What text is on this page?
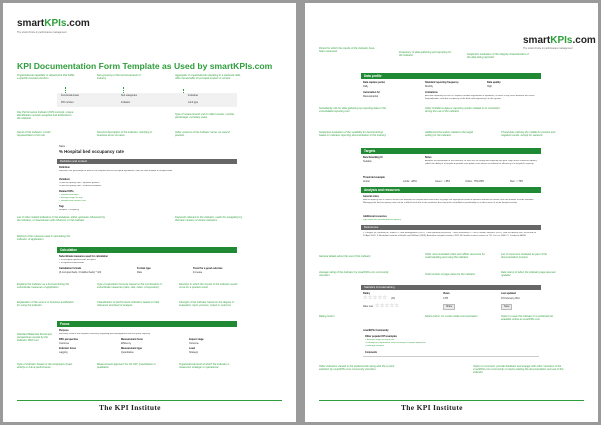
smartKPIs.com
The smart choice in performance management
KPI Documentation Form Template as Used by smartKPIs.com
Organizational capability or department that fulfills a specific business function
Sub-grouping of the functional level of industry
Aggregate of organizational operating in a particular field, often named after its principal product or service
Functional Areas	Sub categories	Industries
KPI number	Indicator	Limit type
Key Performance Indicator (KPI) concept, unique identification number assigned and attributed to the indicator
Type of measurement unit to reflect results: number, percentage, monetary value
Name of the indicator: a brief representation of its role
Succinct description of the indicator, clarifying in business terms its value
Other versions of the indicator name, as used in practice
Name
% Hospital bed occupancy rate
Definition and context
Definition
Measures the percentage of beds in the hospital that are occupied by patients, from the total number of hospital beds.
Variations
% Bed occupancy rate - Inpatient patients
% Bed occupancy rate - In-distress patients
Related KPIs
# Hospital bed days
# Average length of stay
# Hospital bed turnover rate
Tags
Hospital, Occupancy
List of other related indicators in the database, either upstream influenced by the indicator, or downstream with influence on the indicator
Keywords relevant to the indicator, useful for navigating by thematic clusters of similar indicators
Method of the measure used in calculating the indicator, of application
Calculation
Subordinate measures used for calculation
# of occupied inpatient beds occupied
# of inpatient staffed beds
Calculation formula
(# occupied beds / # staffed beds) * 100
Format type
Rate
Trend for a good outcome
Increase
Explains the indicator as a formula linking the subordinate measures of application
Type of calculation formula, based on the combination of subordinate measures (ratio, rate, index, composition)
Direction in which the results of the indicator would move for a positive result
Explanation of the source or business justification for using the indicator
Classification of performance indicators based on their relevance and level of analysis
Strength of the indicator based on the degree of evaluation: input, process, output or outcome
Focus
Purpose
Efficiency, reflects the hospital's efficiency regarding bed management and the space capacity.
BSC perspective
Customer
Measurement focus
Efficiency
Impact stage
Outcome
Indicator focus
Lagging
Measurement type
Quantitative
Level
Strategic
Standard Balanced Scorecard perspectives served by the indicator: BSC tool
Type of indicator based on the employed of past activity or future performance
Measurement approach for the KPI: Quantitative or qualitative
Organizational level at which the indicator is measured: strategic or operational
The KPI Institute
smartKPIs.com
The smart choice in performance management
Period for which the results of the indicator have been measured	Frequency of data gathering and reporting for the indicator	Subjective evaluation of the integrity characteristics of the data being reported
Data profile
Data capture period
Daily
Standard reporting frequency
Monthly
Data quality
High
Automation lvl
Manual/partial
Limitations
Accurate reporting for this KPI requires reliable registration of inpatients, so there is key focus between the actual hospitalization; view the occupancy of the beds and registering it in the system.
Subsidiarity role for data gathering by reporting data to the consolidated reporting tool
Other limitations data or reporting system related to its consistent during the use of the indicator
Subjective evaluation of the suitability for benchmarking based on indicator reporting documentation to the industry
Additional information related to the target setting for the indicator
Thresholds outlining the middle for positive and negative results, except for variance
Targets
Benchmarking fit
Suitable
Notes
Analysis the elimination of the measure: to also use the facility bed capacity and plan. High levels of bed occupancy reflect the ability of a hospital to provide care patient care where an indicator of efficiency of a hospital's capacity.
Threshold example
Amber	Limits: +95%	Green : > 85%	Yellow : 75%-85%	Red : < 75%
Analysis and resources
General notes
Bed occupancy rate is used to assess the demand for hospital beds and hence to gauge the appropriate balance between demand for health care and number of beds available. Managing the bed occupancy rate can be a difficult task due to the variations that cannot be controlled as predictably as in other areas of acute hospital activity.
Additional resources
http://www.nhs.uk/tools/bed-occupancy
References
1. Keegan, A.; Renfrew, A.; Stokes, K. Bed management (2007). "From planning to practice". NHS Innovations 2. OECD Health Statistics (2011), Bed occupancy rate, accessed on 20 April 2011. 3. Australian Institute of Health and Welfare (2009), Australian hospital statistics 2007-08. Health services series no. 33. Cat. no. HSE 71. Canberra: AIHW.
General details about the use of the indicator
Other recommended online and offline resources for understanding and using the indicator
List of resources reviewed as part of the documentation process
Average rating of the indicator by smartKPIs.com community members	Total number of page views for the indicator
Date stamp of when the indicator page was last updated
Statistics & bookmarking
Rating
☆☆☆☆☆ (16)
Views
1766
Last updated
03 February 2011
Rate now ☆☆☆☆☆	Share	Save
Rating button	Share button, for social media communication	Option to save the indicator to a preferred list, available online at smartKPIs.com
smartKPIs Community
Other popular KPI examples
# Average length of stay in ER
% Emergency department visits resulting in hospital admission
% Average turnover
Comments
Other indicators viewed in the preferred tab along with the current selection by smartKPIs.com community members
Option to comment, provide feedback and engage with other members of the smartKPIs.com community on topics relating the documentation and use of the indicator
The KPI Institute
